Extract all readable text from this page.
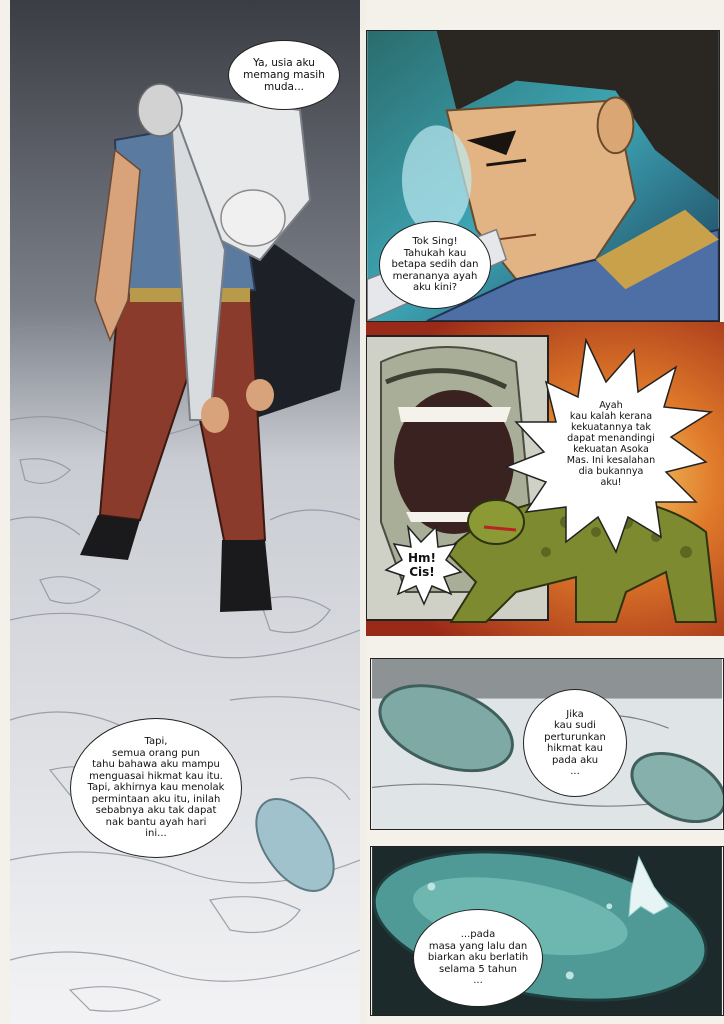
Ya, usia aku
memang masih
muda...
Tapi,
semua orang pun
tahu bahawa aku mampu
menguasai hikmat kau itu.
Tapi, akhirnya kau menolak
permintaan aku itu, inilah
sebabnya aku tak dapat
nak bantu ayah hari
ini...
Tok Sing!
Tahukah kau
betapa sedih dan
merananya ayah
aku kini?
Ayah
kau kalah kerana
kekuatannya tak
dapat menandingi
kekuatan Asoka
Mas. Ini kesalahan
dia bukannya
aku!
Hm!
Cis!
Jika
kau sudi
perturunkan
hikmat kau
pada aku
...
...pada
masa yang lalu dan
biarkan aku berlatih
selama 5 tahun
...
